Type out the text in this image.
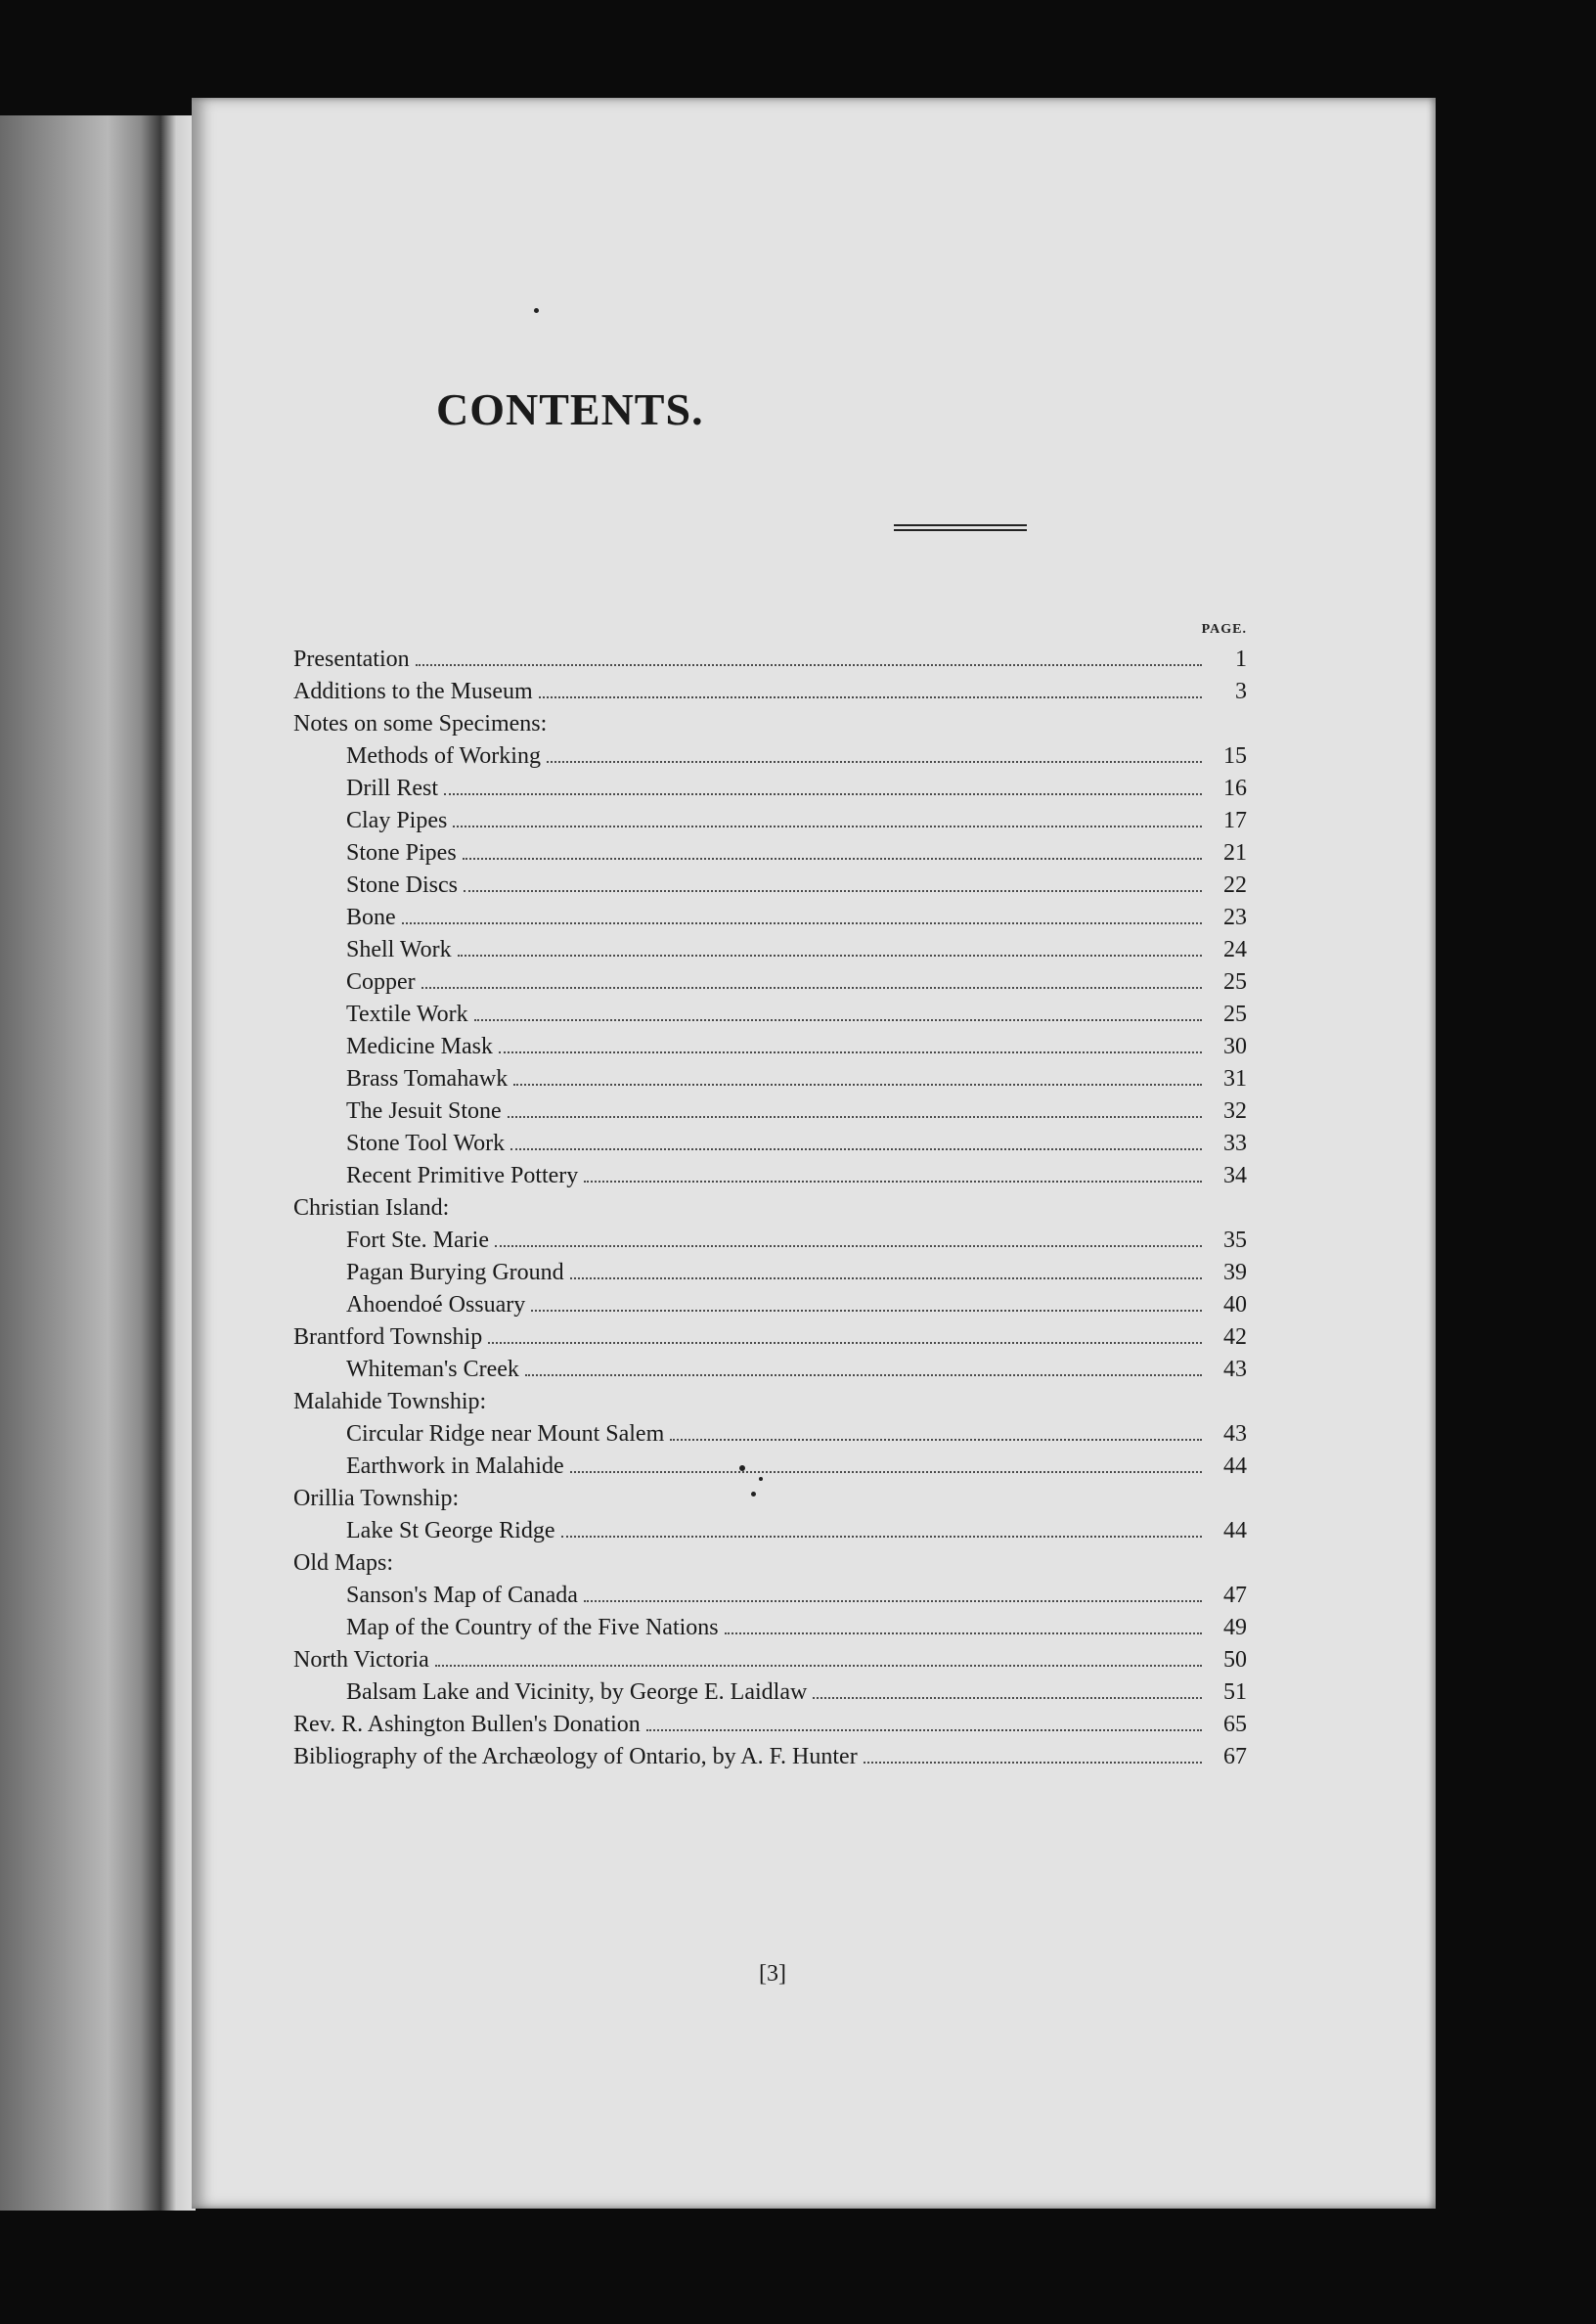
CONTENTS.
PAGE.
Presentation	1
Additions to the Museum	3
Notes on some Specimens:
Methods of Working	15
Drill Rest	16
Clay Pipes	17
Stone Pipes	21
Stone Discs	22
Bone	23
Shell Work	24
Copper	25
Textile Work	25
Medicine Mask	30
Brass Tomahawk	31
The Jesuit Stone	32
Stone Tool Work	33
Recent Primitive Pottery	34
Christian Island:
Fort Ste. Marie	35
Pagan Burying Ground	39
Ahoendoé Ossuary	40
Brantford Township	42
Whiteman's Creek	43
Malahide Township:
Circular Ridge near Mount Salem	43
Earthwork in Malahide	44
Orillia Township:
Lake St George Ridge	44
Old Maps:
Sanson's Map of Canada	47
Map of the Country of the Five Nations	49
North Victoria	50
Balsam Lake and Vicinity, by George E. Laidlaw	51
Rev. R. Ashington Bullen's Donation	65
Bibliography of the Archæology of Ontario, by A. F. Hunter	67
[3]
